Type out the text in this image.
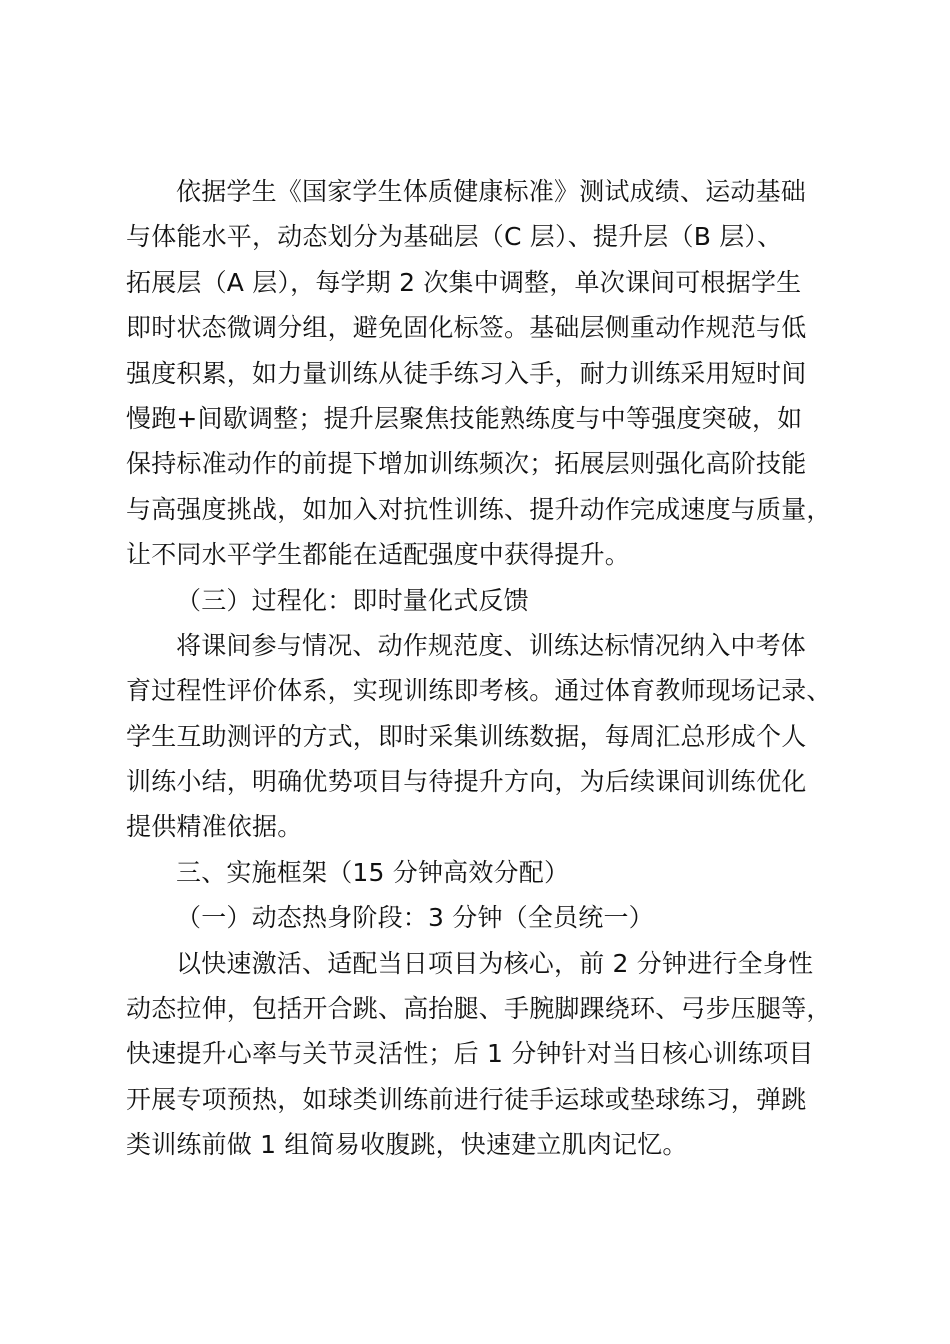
依据学生《国家学生体质健康标准》测试成绩、运动基础
与体能水平，动态划分为基础层（C 层）、提升层（B 层）、
拓展层（A 层），每学期 2 次集中调整，单次课间可根据学生
即时状态微调分组，避免固化标签。基础层侧重动作规范与低
强度积累，如力量训练从徒手练习入手，耐力训练采用短时间
慢跑+间歇调整；提升层聚焦技能熟练度与中等强度突破，如
保持标准动作的前提下增加训练频次；拓展层则强化高阶技能
与高强度挑战，如加入对抗性训练、提升动作完成速度与质量，
让不同水平学生都能在适配强度中获得提升。
（三）过程化：即时量化式反馈
将课间参与情况、动作规范度、训练达标情况纳入中考体
育过程性评价体系，实现训练即考核。通过体育教师现场记录、
学生互助测评的方式，即时采集训练数据，每周汇总形成个人
训练小结，明确优势项目与待提升方向，为后续课间训练优化
提供精准依据。
三、实施框架（15 分钟高效分配）
（一）动态热身阶段：3 分钟（全员统一）
以快速激活、适配当日项目为核心，前 2 分钟进行全身性
动态拉伸，包括开合跳、高抬腿、手腕脚踝绕环、弓步压腿等，
快速提升心率与关节灵活性；后 1 分钟针对当日核心训练项目
开展专项预热，如球类训练前进行徒手运球或垫球练习，弹跳
类训练前做 1 组简易收腹跳，快速建立肌肉记忆。
